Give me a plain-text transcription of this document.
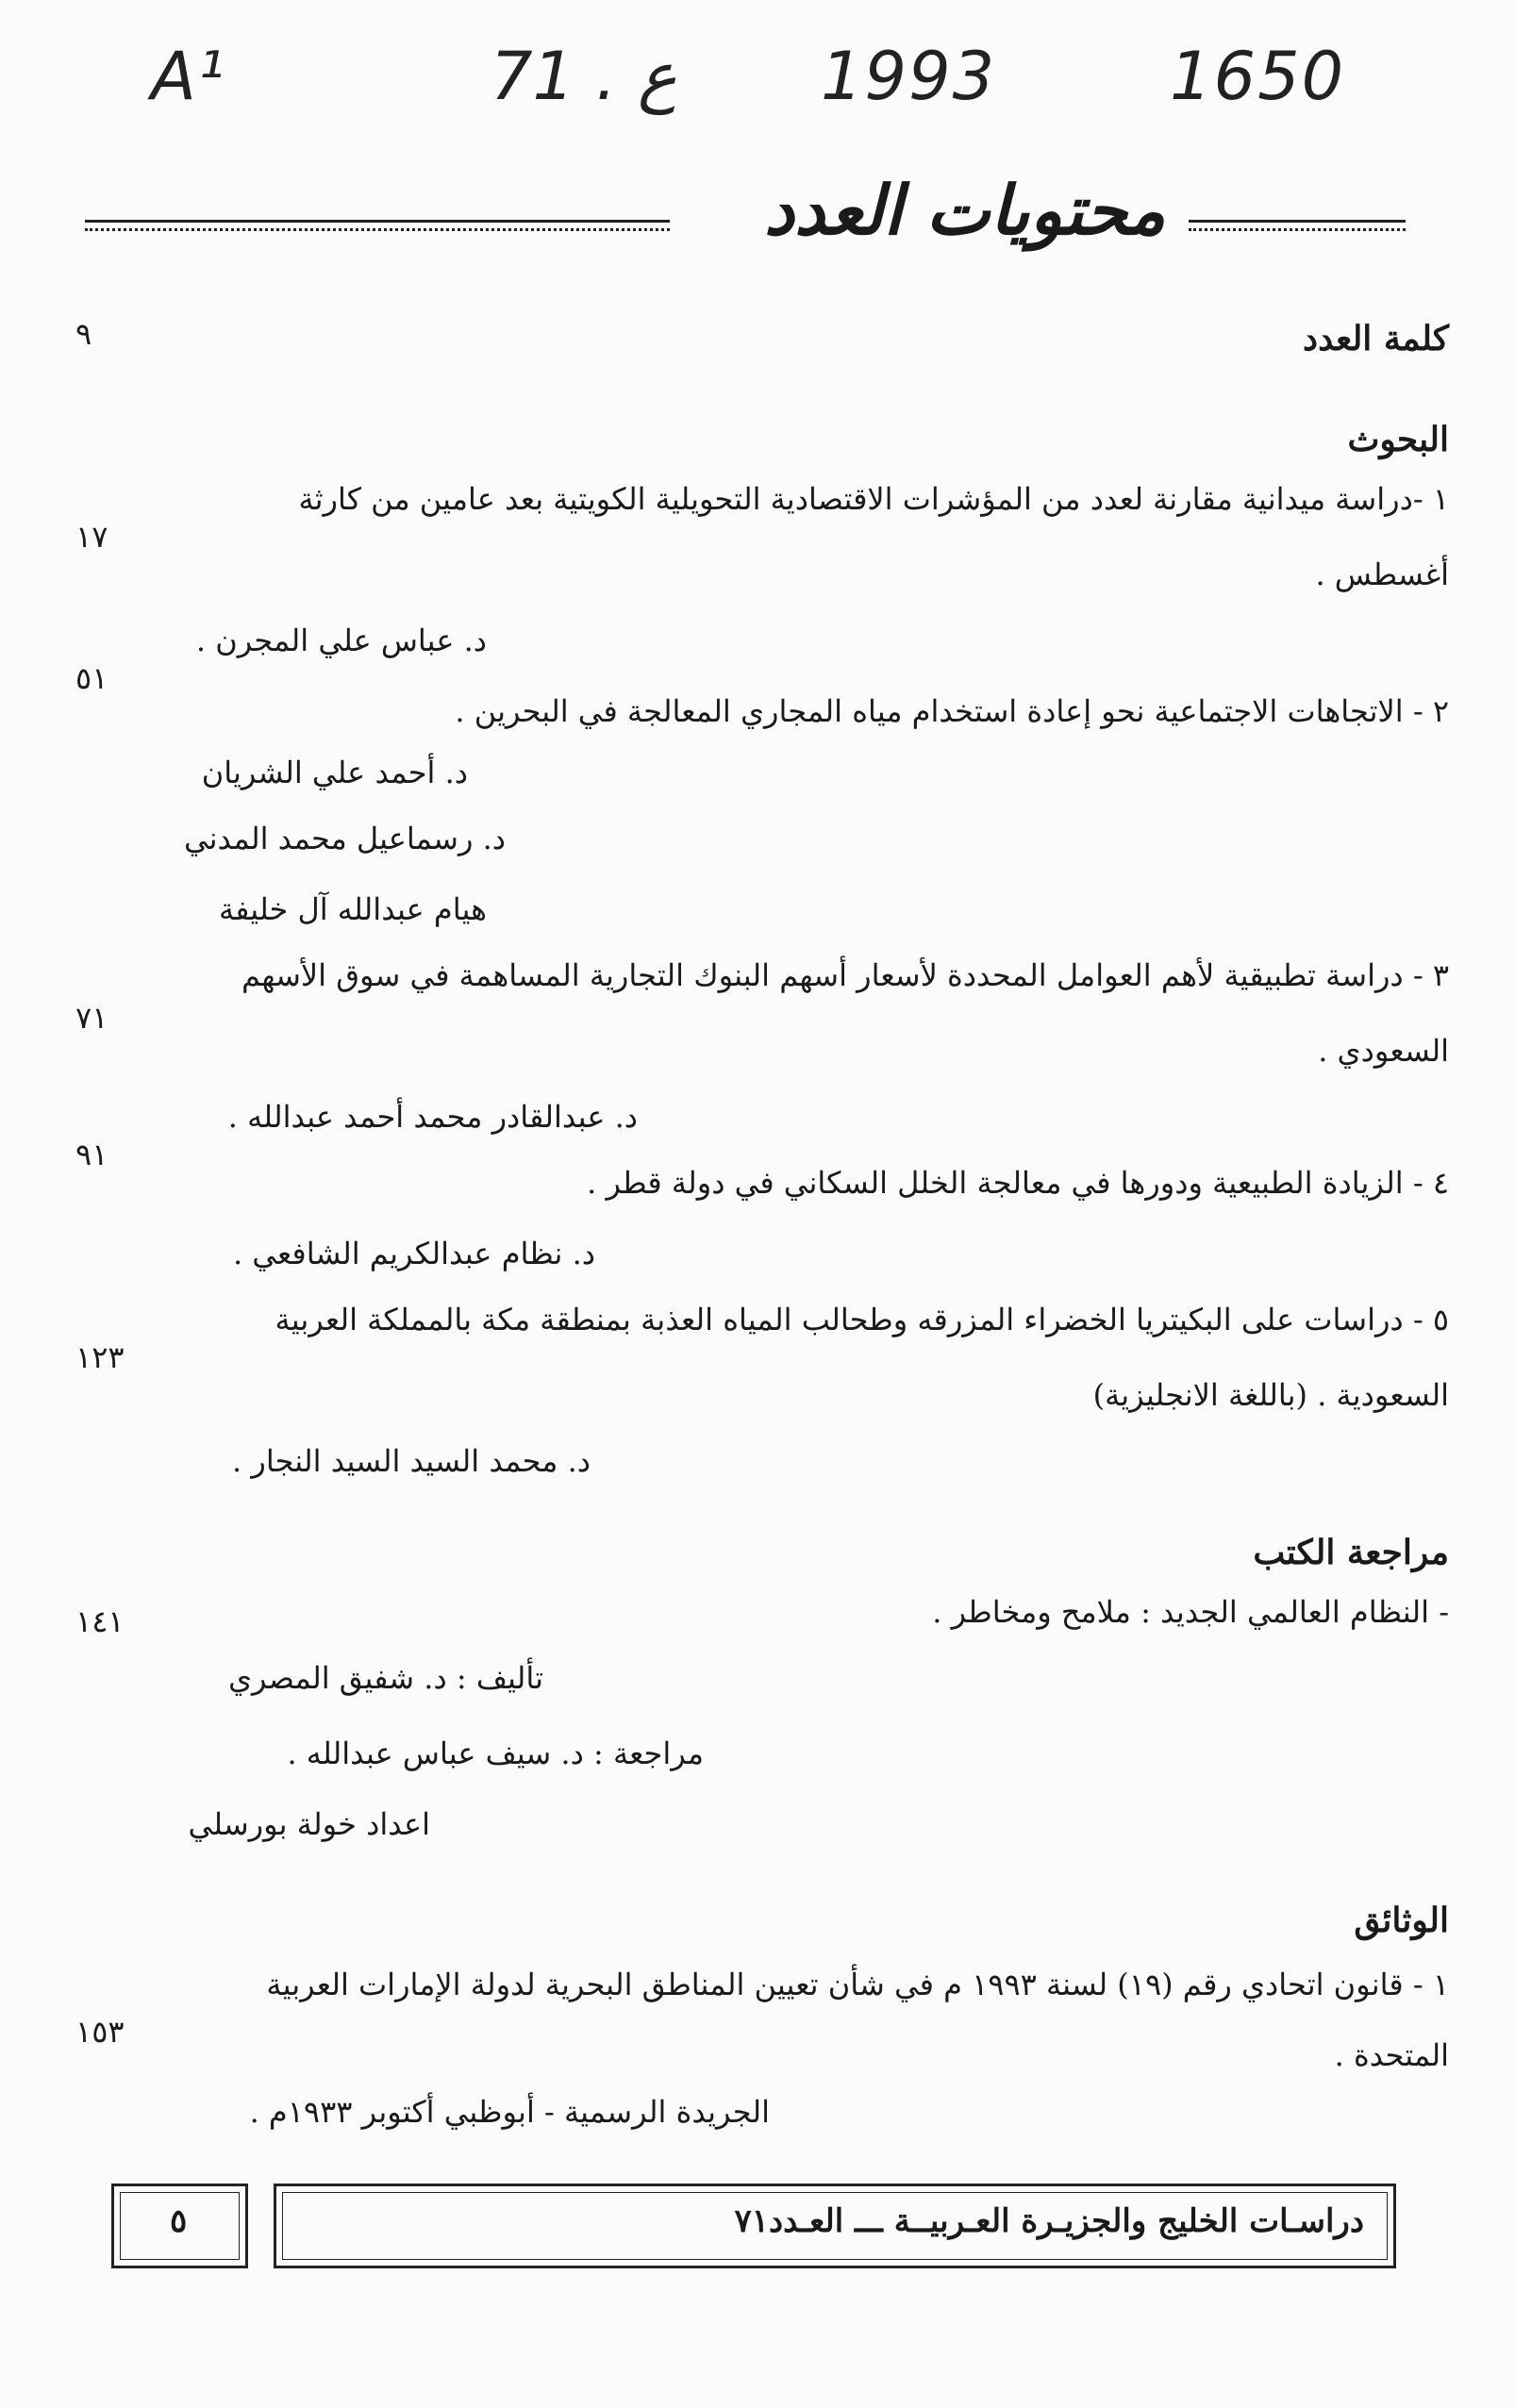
A¹	71 . ع 1993	1650
محتويات العدد
كلمة العدد
٩
البحوث
١ -دراسة ميدانية مقارنة لعدد من المؤشرات الاقتصادية التحويلية الكويتية بعد عامين من كارثة
أغسطس .
١٧
د. عباس علي المجرن .
٥١
٢ - الاتجاهات الاجتماعية نحو إعادة استخدام مياه المجاري المعالجة في البحرين .
د. أحمد علي الشريان
د. رسماعيل محمد المدني
هيام عبدالله آل خليفة
٣ - دراسة تطبيقية لأهم العوامل المحددة لأسعار أسهم البنوك التجارية المساهمة في سوق الأسهم
السعودي .
٧١
د. عبدالقادر محمد أحمد عبدالله .
٩١
٤ - الزيادة الطبيعية ودورها في معالجة الخلل السكاني في دولة قطر .
د. نظام عبدالكريم الشافعي .
٥ - دراسات على البكيتريا الخضراء المزرقه وطحالب المياه العذبة بمنطقة مكة بالمملكة العربية
السعودية . (باللغة الانجليزية)
١٢٣
د. محمد السيد السيد النجار .
مراجعة الكتب
- النظام العالمي الجديد : ملامح ومخاطر .
١٤١
تأليف : د. شفيق المصري
مراجعة : د. سيف عباس عبدالله .
اعداد خولة بورسلي
الوثائق
١ - قانون اتحادي رقم (١٩) لسنة ١٩٩٣ م في شأن تعيين المناطق البحرية لدولة الإمارات العربية
المتحدة .
١٥٣
الجريدة الرسمية - أبوظبي أكتوبر ١٩٣٣م .
دراسـات الخليج والجزيـرة العـربيــة ـــ العـدد٧١
٥
